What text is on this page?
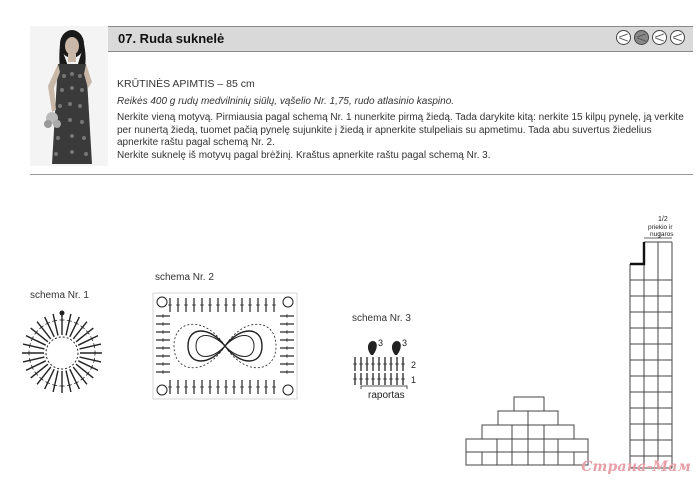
07. Ruda suknelė

KRŪTINĖS APIMTIS – 85 cm

Reikės 400 g rudų medvilninių siūlų, vąšelio Nr. 1,75, rudo atlasinio kaspino.

Nerkite vieną motyvą. Pirmiausia pagal schemą Nr. 1 nunerkite pirmą žiedą. Tada darykite kitą: nerkite 15 kilpų pynelę, ją verkite per nunertą žiedą, tuomet pačią pynelę sujunkite į žiedą ir apnerkite stulpeliais su apmetimu. Tada abu suvertus žiedelius apnerkite raštu pagal schemą Nr. 2.

Nerkite suknelę iš motyvų pagal brėžinį. Kraštus apnerkite raštu pagal schemą Nr. 3.

schema Nr. 1
schema Nr. 2
schema Nr. 3
3 3
2
1
raportas
1/2
priekio ir
nugaros
Страна-Мам
